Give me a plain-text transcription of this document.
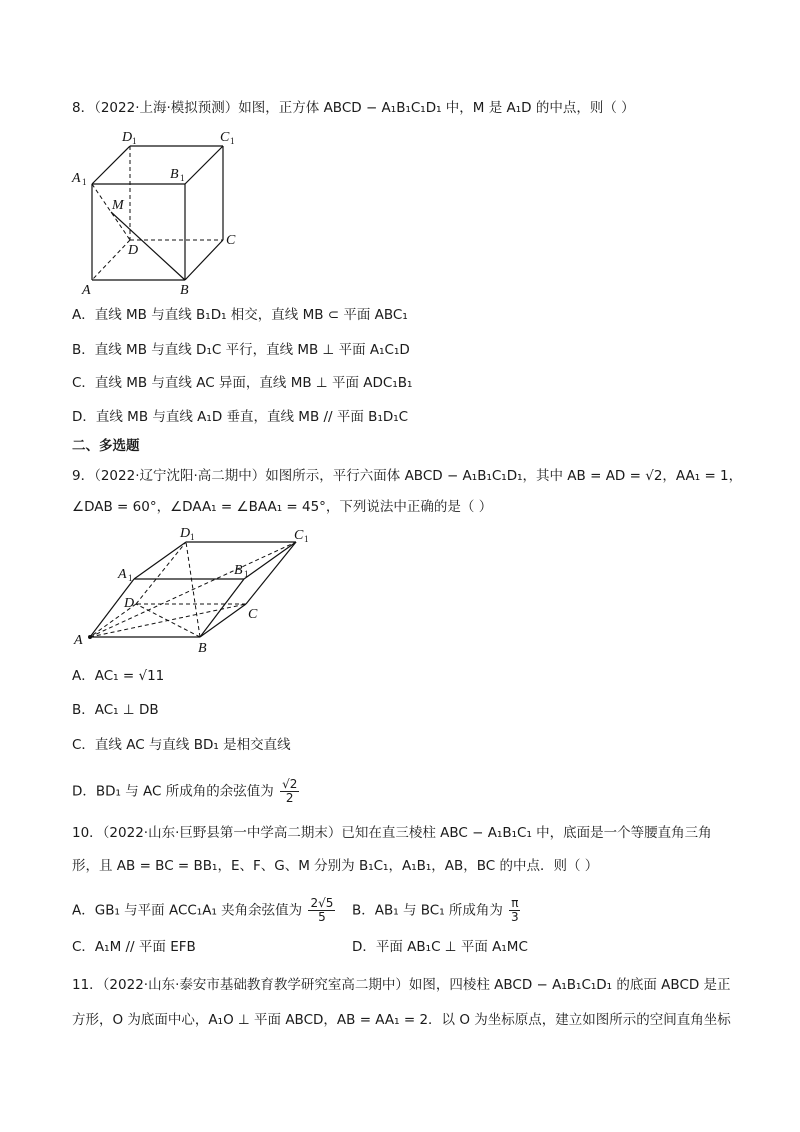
8．（2022·上海·模拟预测）如图，正方体 ABCD − A₁B₁C₁D₁ 中，M 是 A₁D 的中点，则（ ）
D 1	C 1
A 1	B 1
M
D
C
A	B
A．直线 MB 与直线 B₁D₁ 相交，直线 MB ⊂ 平面 ABC₁
B．直线 MB 与直线 D₁C 平行，直线 MB ⊥ 平面 A₁C₁D
C．直线 MB 与直线 AC 异面，直线 MB ⊥ 平面 ADC₁B₁
D．直线 MB 与直线 A₁D 垂直，直线 MB // 平面 B₁D₁C
二、多选题
9．（2022·辽宁沈阳·高二期中）如图所示，平行六面体 ABCD − A₁B₁C₁D₁，其中 AB = AD = √2，AA₁ = 1，
∠DAB = 60°，∠DAA₁ = ∠BAA₁ = 45°，下列说法中正确的是（ ）
D 1	C 1
A 1	B 1
D
C
A
B
A．AC₁ = √11
B．AC₁ ⊥ DB
C．直线 AC 与直线 BD₁ 是相交直线
D．BD₁ 与 AC 所成角的余弦值为 $\frac{√2}{2}$
10．（2022·山东·巨野县第一中学高二期末）已知在直三棱柱 ABC − A₁B₁C₁ 中，底面是一个等腰直角三角
形，且 AB = BC = BB₁，E、F、G、M 分别为 B₁C₁，A₁B₁，AB，BC 的中点．则（ ）
A．GB₁ 与平面 ACC₁A₁ 夹角余弦值为 $\frac{2√5}{5}$ B．AB₁ 与 BC₁ 所成角为 $\frac{\pi}{3}$
C．A₁M // 平面 EFB	D．平面 AB₁C ⊥ 平面 A₁MC
11．（2022·山东·泰安市基础教育教学研究室高二期中）如图，四棱柱 ABCD − A₁B₁C₁D₁ 的底面 ABCD 是正
方形，O 为底面中心，A₁O ⊥ 平面 ABCD，AB = AA₁ = 2．以 O 为坐标原点，建立如图所示的空间直角坐标
